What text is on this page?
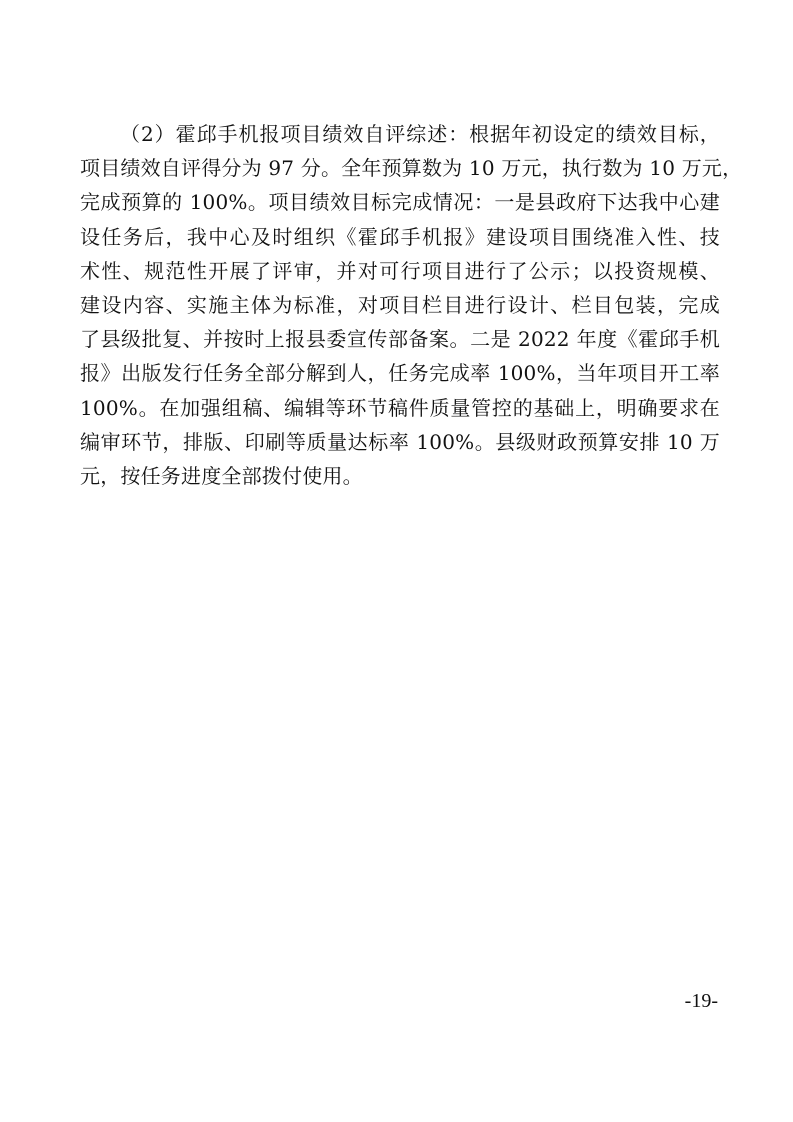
（2）霍邱手机报项目绩效自评综述：根据年初设定的绩效目标，
项目绩效自评得分为 97 分。全年预算数为 10 万元，执行数为 10 万元，
完成预算的 100%。项目绩效目标完成情况：一是县政府下达我中心建
设任务后，我中心及时组织《霍邱手机报》建设项目围绕准入性、技
术性、规范性开展了评审，并对可行项目进行了公示；以投资规模、
建设内容、实施主体为标准，对项目栏目进行设计、栏目包装，完成
了县级批复、并按时上报县委宣传部备案。二是 2022 年度《霍邱手机
报》出版发行任务全部分解到人，任务完成率 100%，当年项目开工率
100%。在加强组稿、编辑等环节稿件质量管控的基础上，明确要求在
编审环节，排版、印刷等质量达标率 100%。县级财政预算安排 10 万
元，按任务进度全部拨付使用。
-19-
